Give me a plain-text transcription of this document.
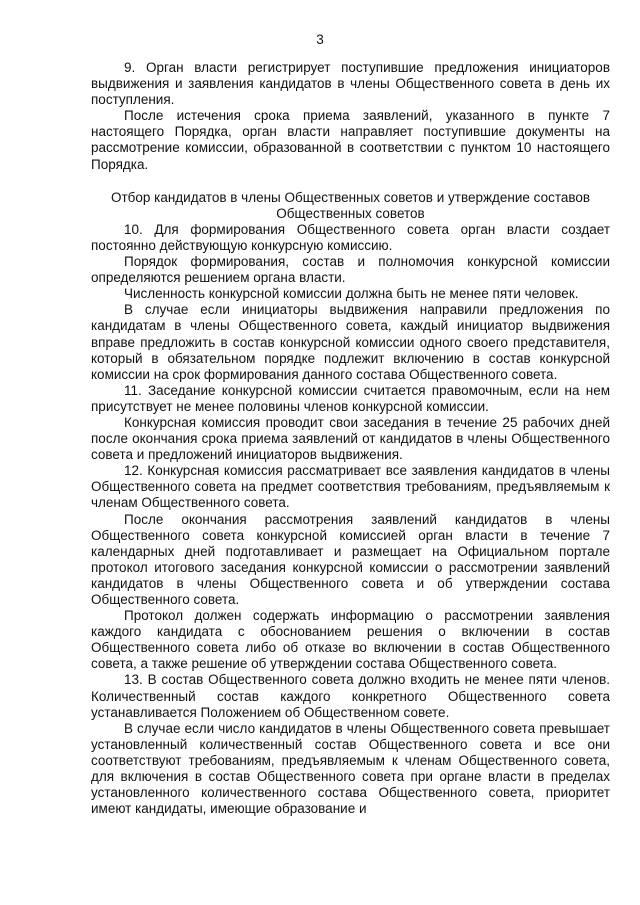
3

9. Орган власти регистрирует поступившие предложения инициаторов выдвижения и заявления кандидатов в члены Общественного совета в день их поступления.

После истечения срока приема заявлений, указанного в пункте 7 настоящего Порядка, орган власти направляет поступившие документы на рассмотрение комиссии, образованной в соответствии с пунктом 10 настоящего Порядка.

Отбор кандидатов в члены Общественных советов и утверждение составов Общественных советов

10. Для формирования Общественного совета орган власти создает постоянно действующую конкурсную комиссию.

Порядок формирования, состав и полномочия конкурсной комиссии определяются решением органа власти.

Численность конкурсной комиссии должна быть не менее пяти человек.

В случае если инициаторы выдвижения направили предложения по кандидатам в члены Общественного совета, каждый инициатор выдвижения вправе предложить в состав конкурсной комиссии одного своего представителя, который в обязательном порядке подлежит включению в состав конкурсной комиссии на срок формирования данного состава Общественного совета.

11. Заседание конкурсной комиссии считается правомочным, если на нем присутствует не менее половины членов конкурсной комиссии.

Конкурсная комиссия проводит свои заседания в течение 25 рабочих дней после окончания срока приема заявлений от кандидатов в члены Общественного совета и предложений инициаторов выдвижения.

12. Конкурсная комиссия рассматривает все заявления кандидатов в члены Общественного совета на предмет соответствия требованиям, предъявляемым к членам Общественного совета.

После окончания рассмотрения заявлений кандидатов в члены Общественного совета конкурсной комиссией орган власти в течение 7 календарных дней подготавливает и размещает на Официальном портале протокол итогового заседания конкурсной комиссии о рассмотрении заявлений кандидатов в члены Общественного совета и об утверждении состава Общественного совета.

Протокол должен содержать информацию о рассмотрении заявления каждого кандидата с обоснованием решения о включении в состав Общественного совета либо об отказе во включении в состав Общественного совета, а также решение об утверждении состава Общественного совета.

13. В состав Общественного совета должно входить не менее пяти членов. Количественный состав каждого конкретного Общественного совета устанавливается Положением об Общественном совете.

В случае если число кандидатов в члены Общественного совета превышает установленный количественный состав Общественного совета и все они соответствуют требованиям, предъявляемым к членам Общественного совета, для включения в состав Общественного совета при органе власти в пределах установленного количественного состава Общественного совета, приоритет имеют кандидаты, имеющие образование и
